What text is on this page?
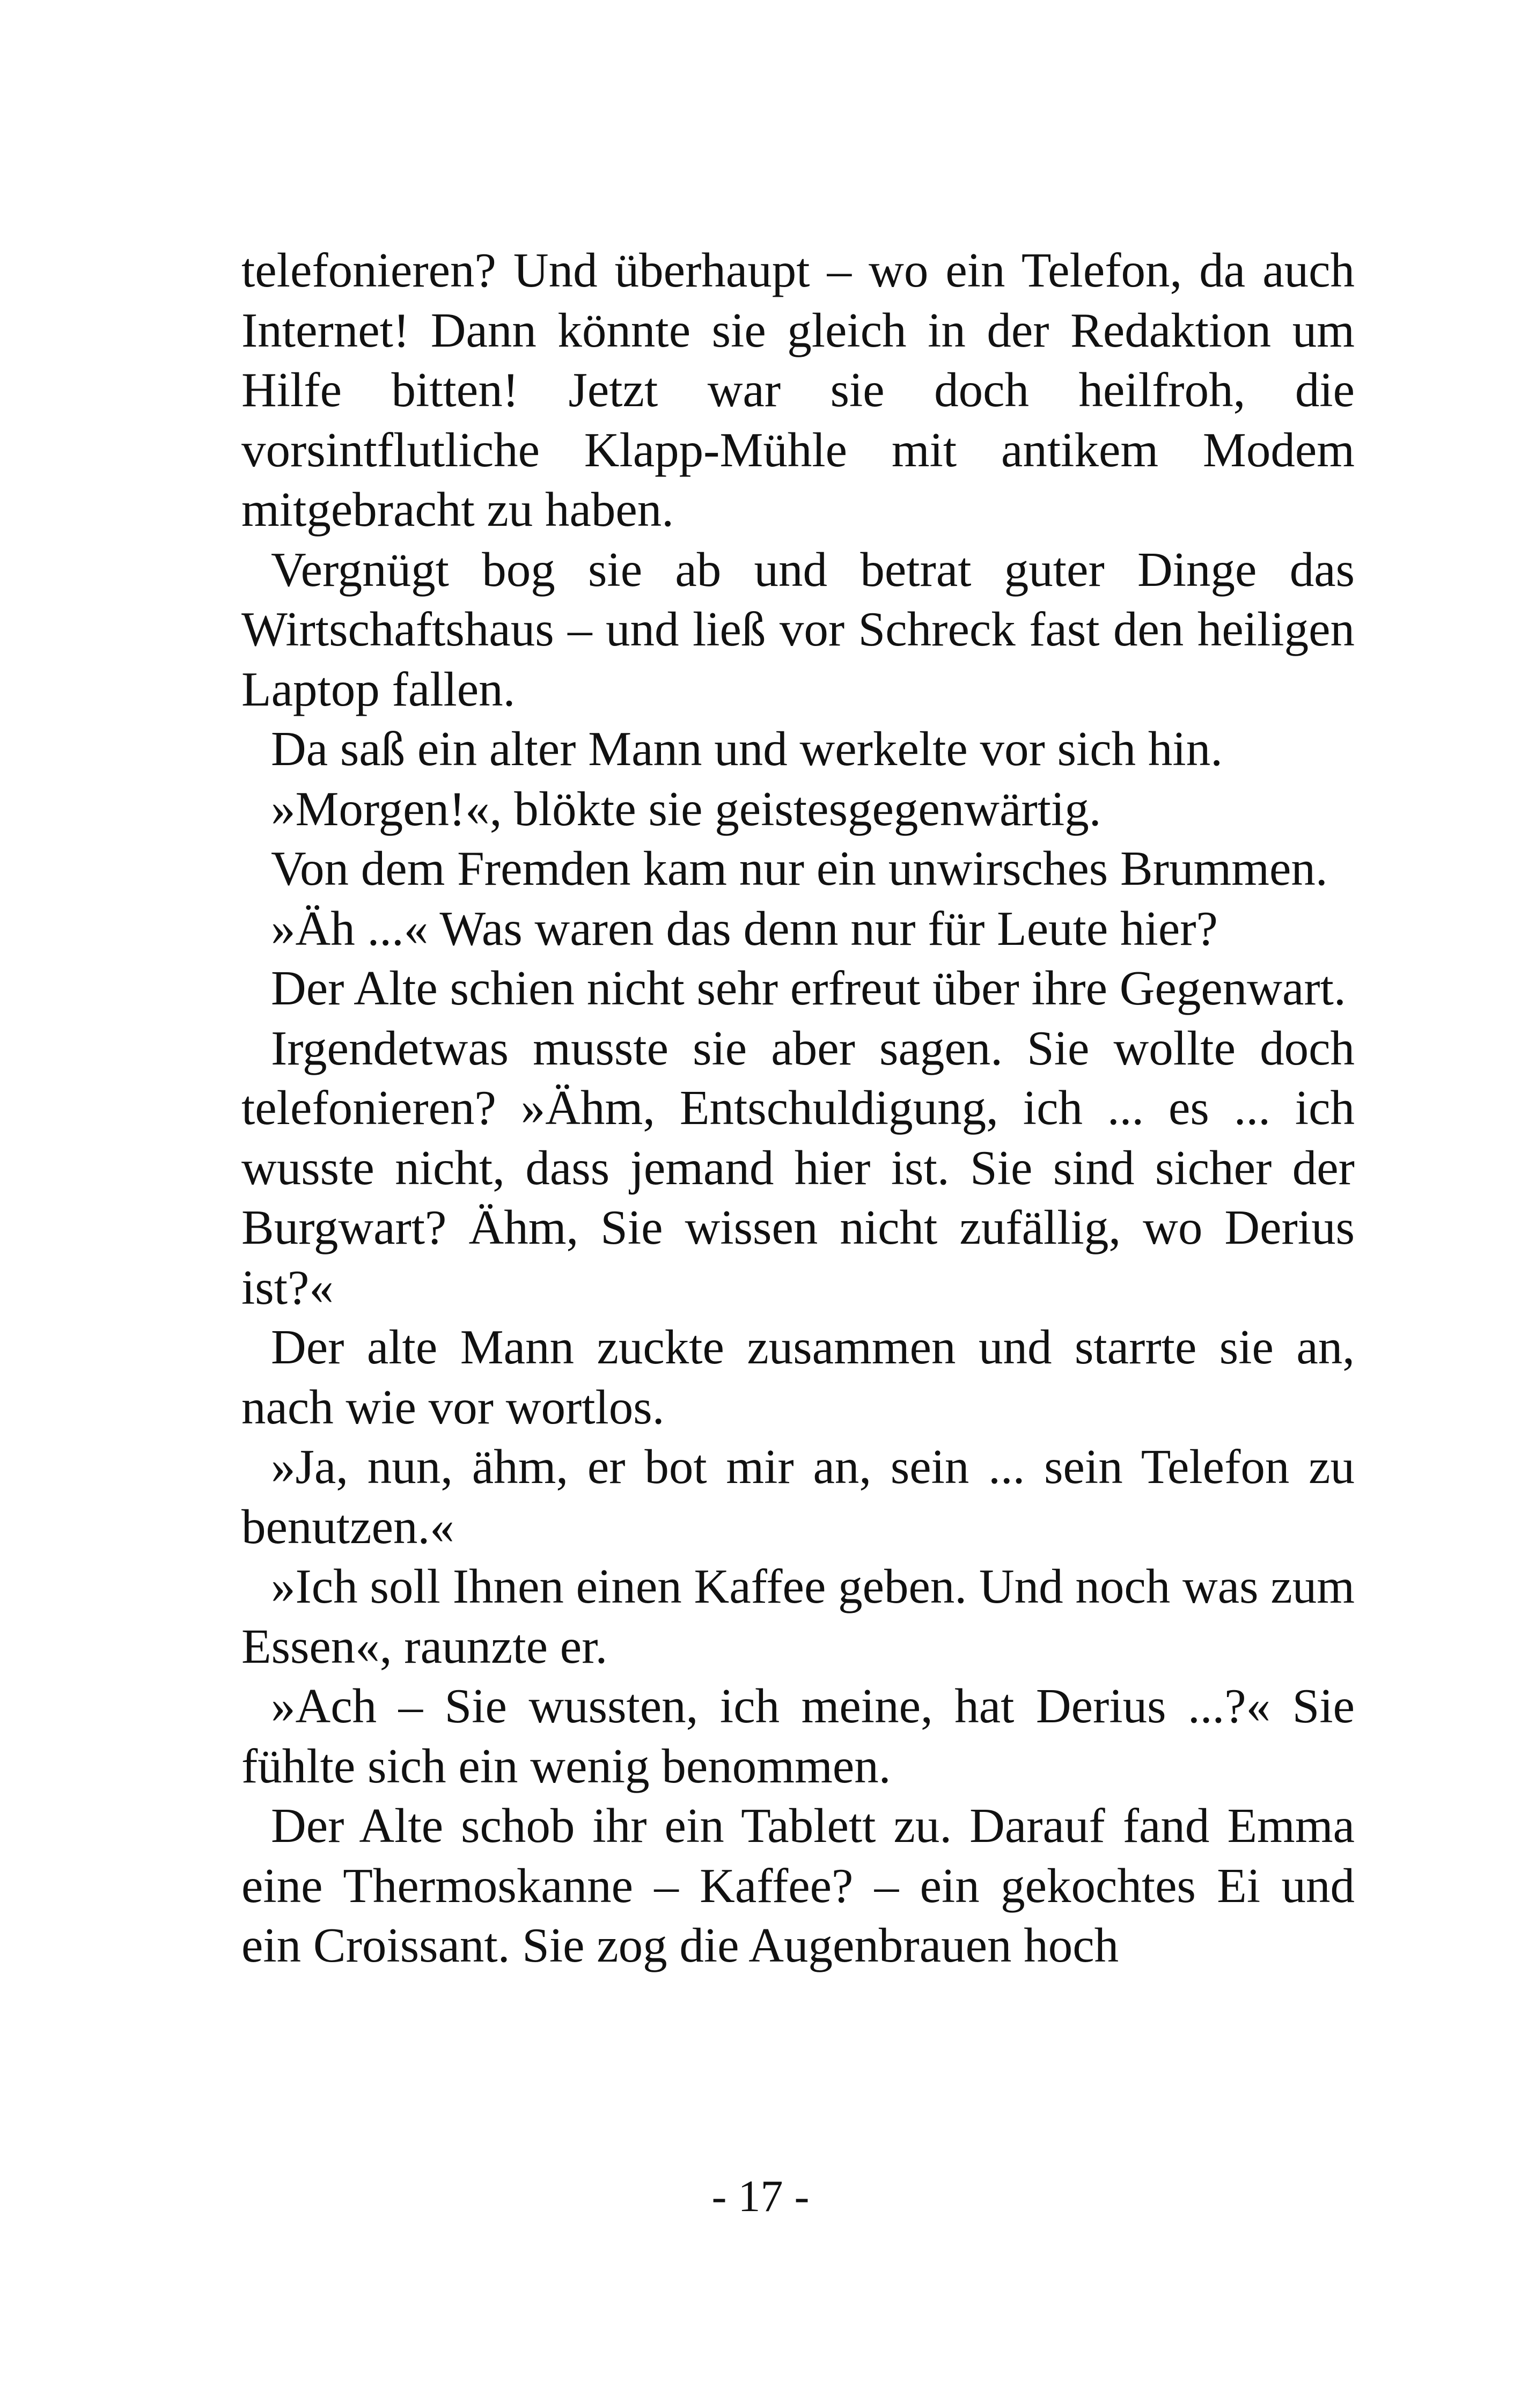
telefonieren? Und überhaupt – wo ein Telefon, da auch Internet! Dann könnte sie gleich in der Redaktion um Hilfe bitten! Jetzt war sie doch heilfroh, die vorsintflutliche Klapp-Mühle mit antikem Modem mitgebracht zu haben.

Vergnügt bog sie ab und betrat guter Dinge das Wirtschaftshaus – und ließ vor Schreck fast den heiligen Laptop fallen.

Da saß ein alter Mann und werkelte vor sich hin.

»Morgen!«, blökte sie geistesgegenwärtig.

Von dem Fremden kam nur ein unwirsches Brummen.

»Äh ...« Was waren das denn nur für Leute hier?

Der Alte schien nicht sehr erfreut über ihre Gegenwart.

Irgendetwas musste sie aber sagen. Sie wollte doch telefonieren? »Ähm, Entschuldigung, ich ... es ... ich wusste nicht, dass jemand hier ist. Sie sind sicher der Burgwart? Ähm, Sie wissen nicht zufällig, wo Derius ist?«

Der alte Mann zuckte zusammen und starrte sie an, nach wie vor wortlos.

»Ja, nun, ähm, er bot mir an, sein ... sein Telefon zu benutzen.«

»Ich soll Ihnen einen Kaffee geben. Und noch was zum Essen«, raunzte er.

»Ach – Sie wussten, ich meine, hat Derius ...?« Sie fühlte sich ein wenig benommen.

Der Alte schob ihr ein Tablett zu. Darauf fand Emma eine Thermoskanne – Kaffee? – ein gekochtes Ei und ein Croissant. Sie zog die Augenbrauen hoch

- 17 -
